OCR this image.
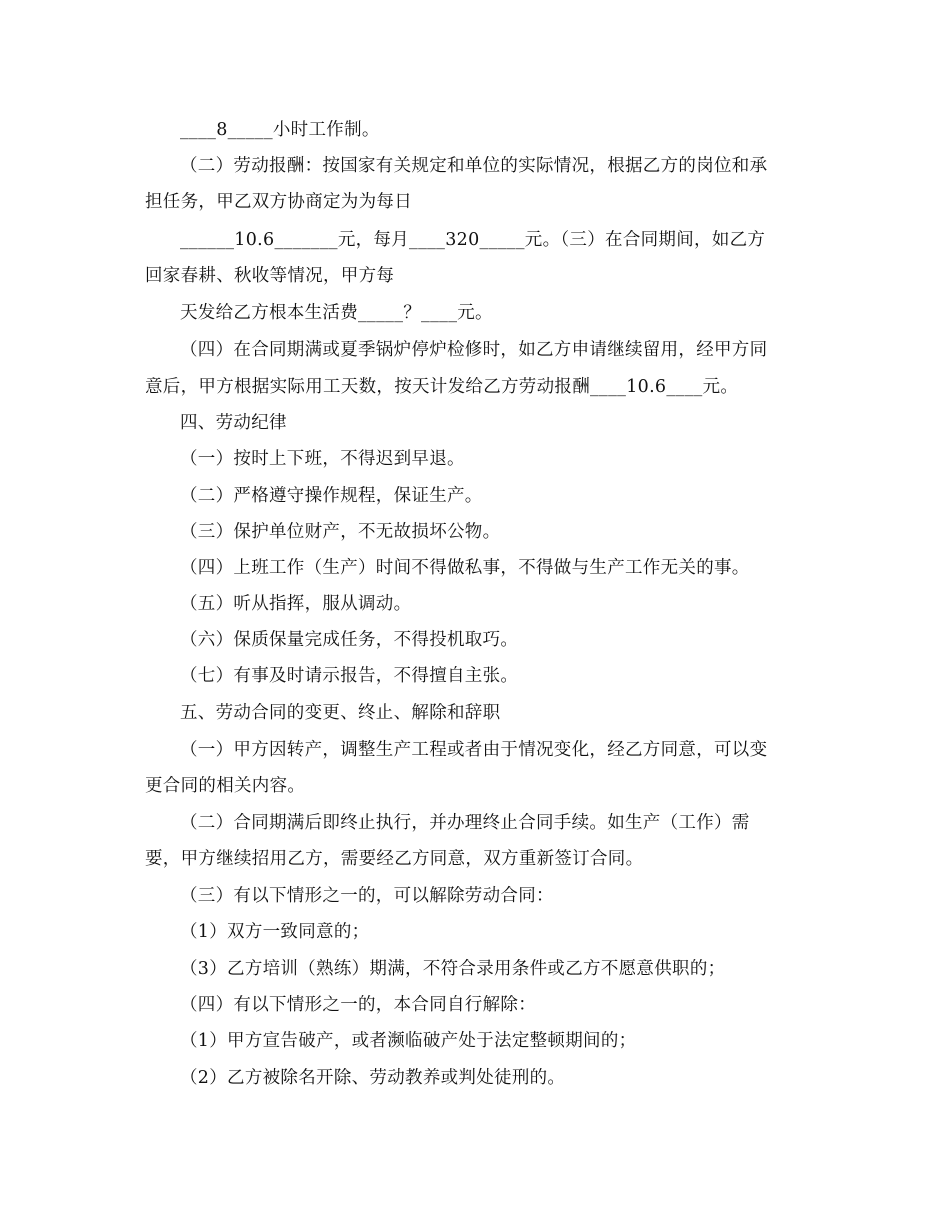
____8_____小时工作制。
（二）劳动报酬：按国家有关规定和单位的实际情况，根据乙方的岗位和承
担任务，甲乙双方协商定为为每日
______10.6_______元，每月____320_____元。（三）在合同期间，如乙方
回家春耕、秋收等情况，甲方每
天发给乙方根本生活费_____？____元。
（四）在合同期满或夏季锅炉停炉检修时，如乙方申请继续留用，经甲方同
意后，甲方根据实际用工天数，按天计发给乙方劳动报酬____10.6____元。
四、劳动纪律
（一）按时上下班，不得迟到早退。
（二）严格遵守操作规程，保证生产。
（三）保护单位财产，不无故损坏公物。
（四）上班工作（生产）时间不得做私事，不得做与生产工作无关的事。
（五）听从指挥，服从调动。
（六）保质保量完成任务，不得投机取巧。
（七）有事及时请示报告，不得擅自主张。
五、劳动合同的变更、终止、解除和辞职
（一）甲方因转产，调整生产工程或者由于情况变化，经乙方同意，可以变
更合同的相关内容。
（二）合同期满后即终止执行，并办理终止合同手续。如生产（工作）需
要，甲方继续招用乙方，需要经乙方同意，双方重新签订合同。
（三）有以下情形之一的，可以解除劳动合同：
（1）双方一致同意的；
（3）乙方培训（熟练）期满，不符合录用条件或乙方不愿意供职的；
（四）有以下情形之一的，本合同自行解除：
（1）甲方宣告破产，或者濒临破产处于法定整顿期间的；
（2）乙方被除名开除、劳动教养或判处徒刑的。
